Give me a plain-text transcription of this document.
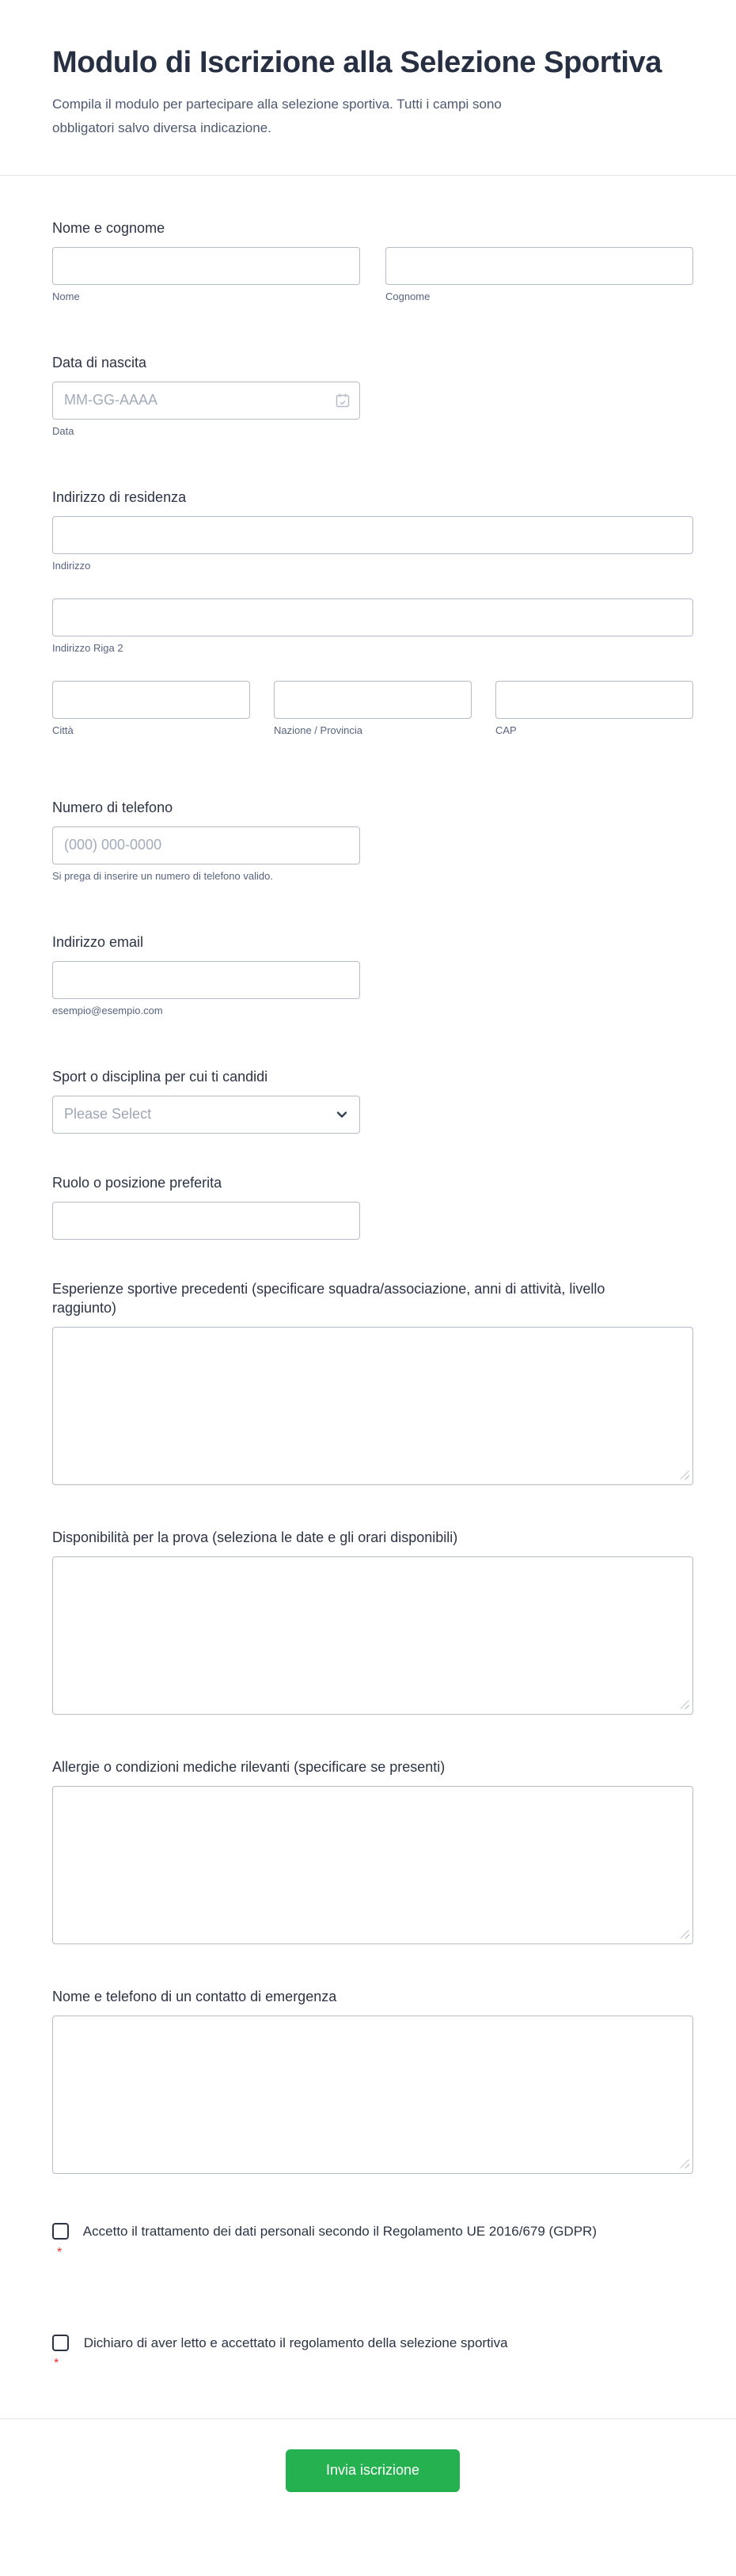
Modulo di Iscrizione alla Selezione Sportiva

Compila il modulo per partecipare alla selezione sportiva. Tutti i campi sono obbligatori salvo diversa indicazione.

Nome e cognome
Nome	Cognome
Data di nascita
MM-GG-AAAA
Data
Indirizzo di residenza
Indirizzo
Indirizzo Riga 2
Città	Nazione / Provincia	CAP
Numero di telefono
(000) 000-0000
Si prega di inserire un numero di telefono valido.
Indirizzo email
esempio@esempio.com
Sport o disciplina per cui ti candidi
Please Select
Ruolo o posizione preferita
Esperienze sportive precedenti (specificare squadra/associazione, anni di attività, livello raggiunto)
Disponibilità per la prova (seleziona le date e gli orari disponibili)
Allergie o condizioni mediche rilevanti (specificare se presenti)
Nome e telefono di un contatto di emergenza
Accetto il trattamento dei dati personali secondo il Regolamento UE 2016/679 (GDPR) *
Dichiaro di aver letto e accettato il regolamento della selezione sportiva
*
Invia iscrizione
